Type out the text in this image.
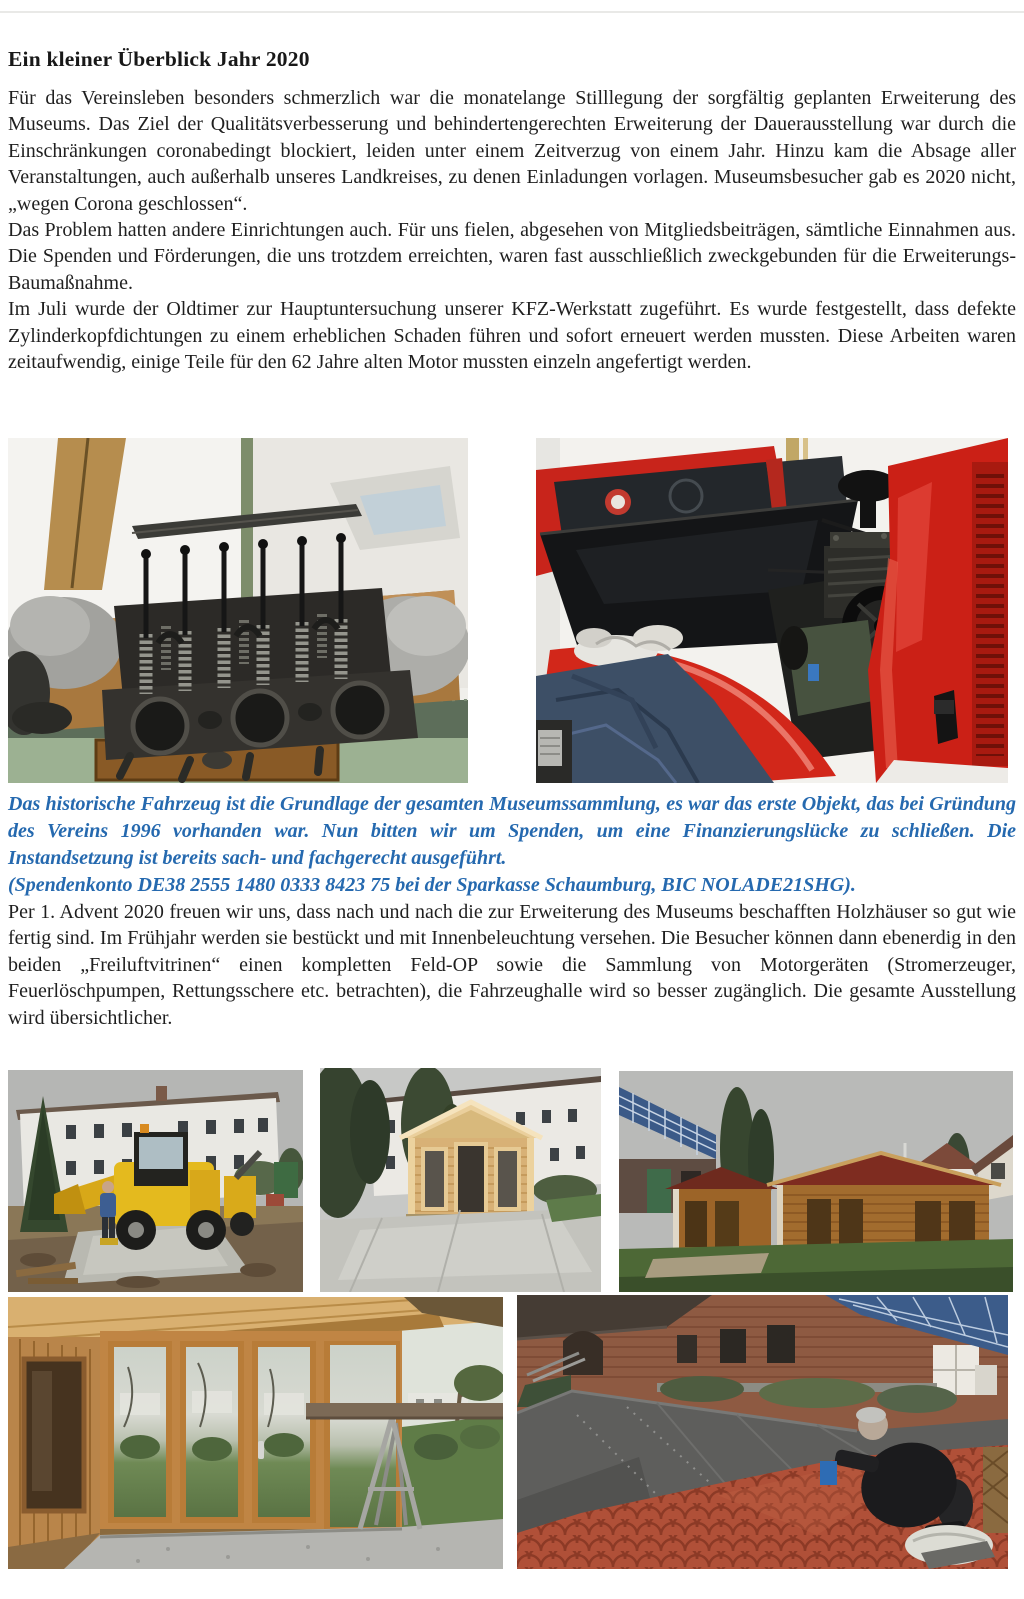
Ein kleiner Überblick Jahr 2020

Für das Vereinsleben besonders schmerzlich war die monatelange Stilllegung der sorgfältig geplanten Erweiterung des Museums. Das Ziel der Qualitätsverbesserung und behindertengerechten Erweiterung der Dauerausstellung war durch die Einschränkungen coronabedingt blockiert, leiden unter einem Zeitverzug von einem Jahr. Hinzu kam die Absage aller Veranstaltungen, auch außerhalb unseres Landkreises, zu denen Einladungen vorlagen. Museumsbesucher gab es 2020 nicht, „wegen Corona geschlossen“.

Das Problem hatten andere Einrichtungen auch. Für uns fielen, abgesehen von Mitgliedsbeiträgen, sämtliche Einnahmen aus. Die Spenden und Förderungen, die uns trotzdem erreichten, waren fast ausschließlich zweckgebunden für die Erweiterungs-Baumaßnahme.

Im Juli wurde der Oldtimer zur Hauptuntersuchung unserer KFZ-Werkstatt zugeführt. Es wurde festgestellt, dass defekte Zylinderkopfdichtungen zu einem erheblichen Schaden führen und sofort erneuert werden mussten. Diese Arbeiten waren zeitaufwendig, einige Teile für den 62 Jahre alten Motor mussten einzeln angefertigt werden.

Das historische Fahrzeug ist die Grundlage der gesamten Museumssammlung, es war das erste Objekt, das bei Gründung des Vereins 1996 vorhanden war. Nun bitten wir um Spenden, um eine Finanzierungslücke zu schließen. Die Instandsetzung ist bereits sach- und fachgerecht ausgeführt.

(Spendenkonto DE38 2555 1480 0333 8423 75 bei der Sparkasse Schaumburg, BIC NOLADE21SHG).

Per 1. Advent 2020 freuen wir uns, dass nach und nach die zur Erweiterung des Museums beschafften Holzhäuser so gut wie fertig sind. Im Frühjahr werden sie bestückt und mit Innenbeleuchtung versehen. Die Besucher können dann ebenerdig in den beiden „Freiluftvitrinen“ einen kompletten Feld-OP sowie die Sammlung von Motorgeräten (Stromerzeuger, Feuerlöschpumpen, Rettungsschere etc. betrachten), die Fahrzeughalle wird so besser zugänglich. Die gesamte Ausstellung wird übersichtlicher.
